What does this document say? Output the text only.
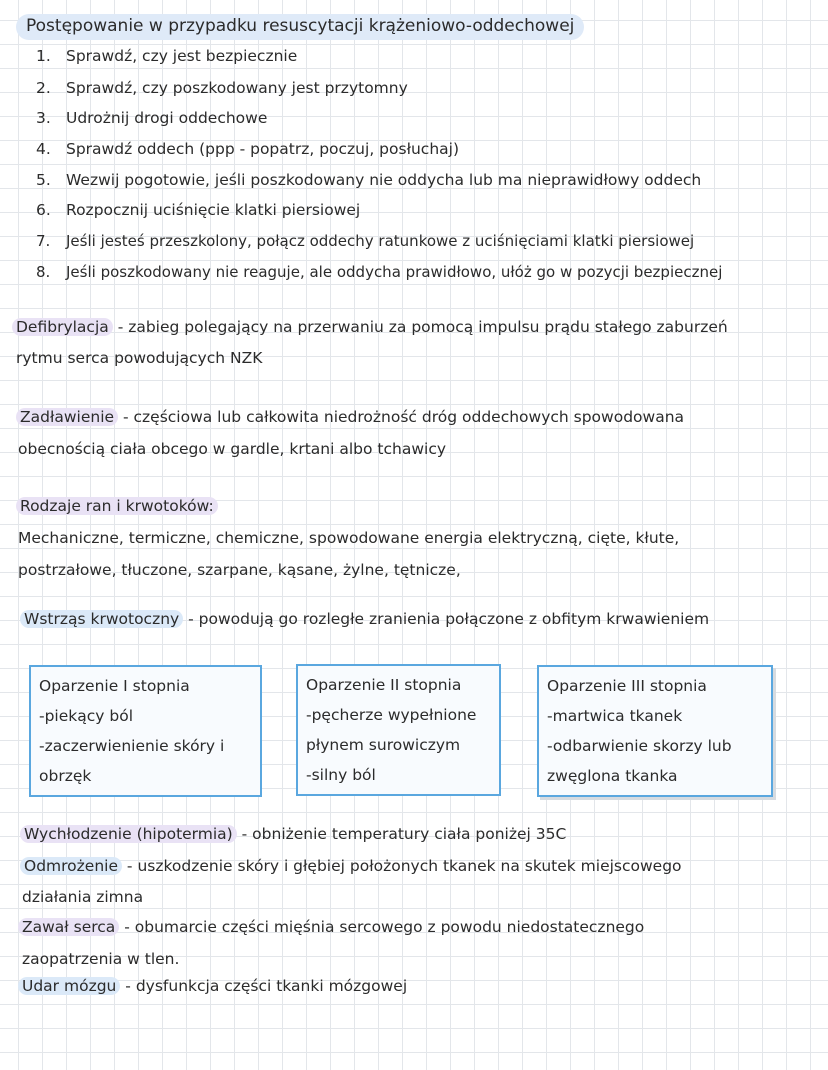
Postępowanie w przypadku resuscytacji krążeniowo-oddechowej
1. Sprawdź, czy jest bezpiecznie
2. Sprawdź, czy poszkodowany jest przytomny
3. Udrożnij drogi oddechowe
4. Sprawdź oddech (ppp - popatrz, poczuj, posłuchaj)
5. Wezwij pogotowie, jeśli poszkodowany nie oddycha lub ma nieprawidłowy oddech
6. Rozpocznij uciśnięcie klatki piersiowej
7. Jeśli jesteś przeszkolony, połącz oddechy ratunkowe z uciśnięciami klatki piersiowej
8. Jeśli poszkodowany nie reaguje, ale oddycha prawidłowo, ułóż go w pozycji bezpiecznej
Defibrylacja - zabieg polegający na przerwaniu za pomocą impulsu prądu stałego zaburzeń
rytmu serca powodujących NZK
Zadławienie - częściowa lub całkowita niedrożność dróg oddechowych spowodowana
obecnością ciała obcego w gardle, krtani albo tchawicy
Rodzaje ran i krwotoków:
Mechaniczne, termiczne, chemiczne, spowodowane energia elektryczną, cięte, kłute,
postrzałowe, tłuczone, szarpane, kąsane, żylne, tętnicze,
Wstrząs krwotoczny - powodują go rozległe zranienia połączone z obfitym krwawieniem
Oparzenie I stopnia
-piekący ból
-zaczerwienienie skóry i
obrzęk
Oparzenie II stopnia
-pęcherze wypełnione
płynem surowiczym
-silny ból
Oparzenie III stopnia
-martwica tkanek
-odbarwienie skorzy lub
zwęglona tkanka
Wychłodzenie (hipotermia) - obniżenie temperatury ciała poniżej 35C
Odmrożenie - uszkodzenie skóry i głębiej położonych tkanek na skutek miejscowego
działania zimna
Zawał serca - obumarcie części mięśnia sercowego z powodu niedostatecznego
zaopatrzenia w tlen.
Udar mózgu - dysfunkcja części tkanki mózgowej
